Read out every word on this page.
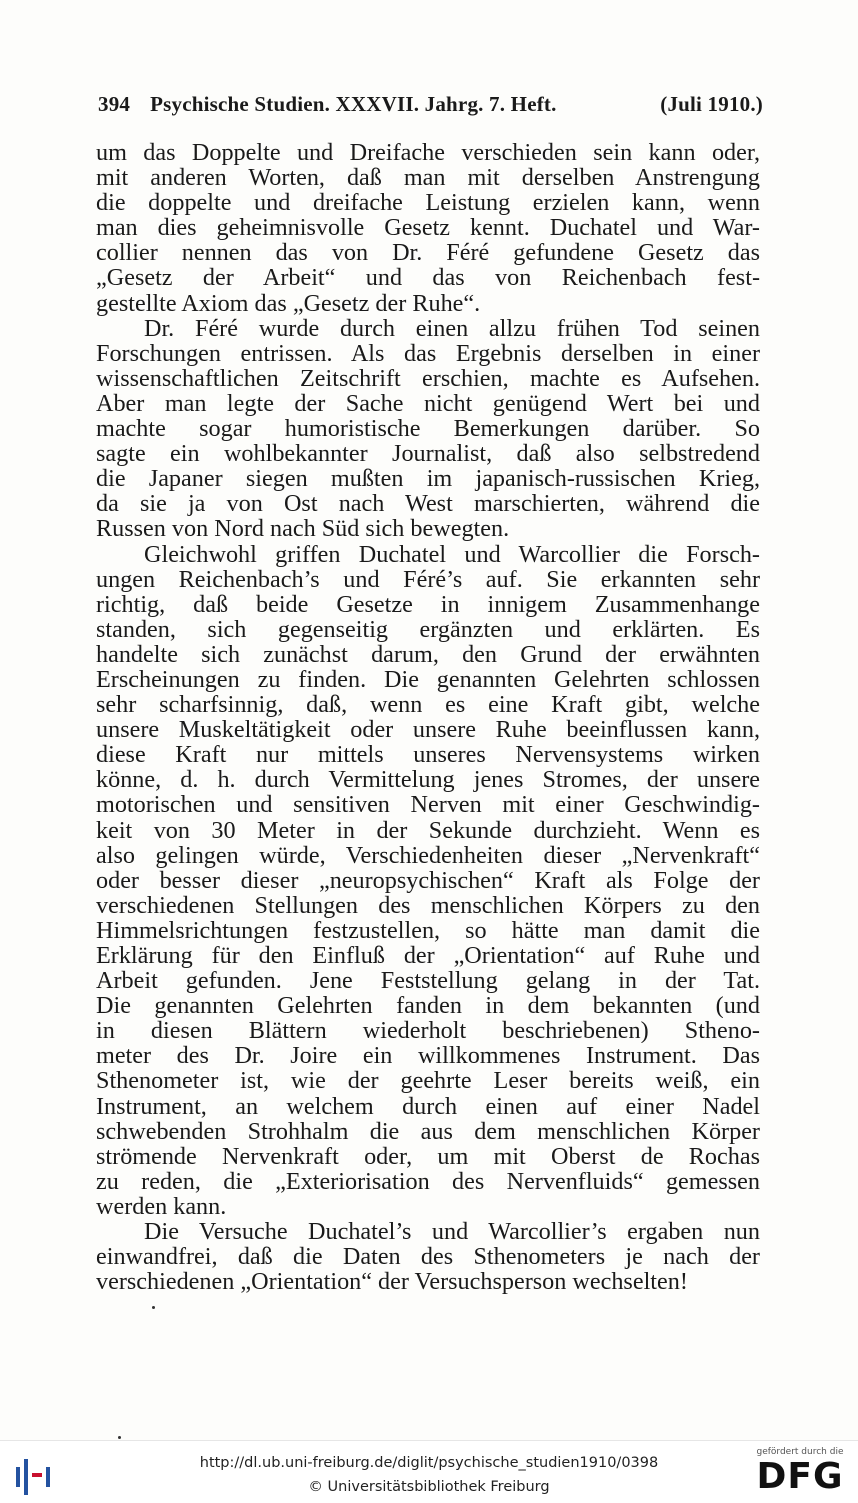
394 Psychische Studien. XXXVII. Jahrg. 7. Heft.	(Juli 1910.)
um das Doppelte und Dreifache verschieden sein kann oder,
mit anderen Worten, daß man mit derselben Anstrengung
die doppelte und dreifache Leistung erzielen kann, wenn
man dies geheimnisvolle Gesetz kennt. Duchatel und War-
collier nennen das von Dr. Féré gefundene Gesetz das
„Gesetz der Arbeit“ und das von Reichenbach fest-
gestellte Axiom das „Gesetz der Ruhe“.
Dr. Féré wurde durch einen allzu frühen Tod seinen
Forschungen entrissen. Als das Ergebnis derselben in einer
wissenschaftlichen Zeitschrift erschien, machte es Aufsehen.
Aber man legte der Sache nicht genügend Wert bei und
machte sogar humoristische Bemerkungen darüber. So
sagte ein wohlbekannter Journalist, daß also selbstredend
die Japaner siegen mußten im japanisch-russischen Krieg,
da sie ja von Ost nach West marschierten, während die
Russen von Nord nach Süd sich bewegten.
Gleichwohl griffen Duchatel und Warcollier die Forsch-
ungen Reichenbach’s und Féré’s auf. Sie erkannten sehr
richtig, daß beide Gesetze in innigem Zusammenhange
standen, sich gegenseitig ergänzten und erklärten. Es
handelte sich zunächst darum, den Grund der erwähnten
Erscheinungen zu finden. Die genannten Gelehrten schlossen
sehr scharfsinnig, daß, wenn es eine Kraft gibt, welche
unsere Muskeltätigkeit oder unsere Ruhe beeinflussen kann,
diese Kraft nur mittels unseres Nervensystems wirken
könne, d. h. durch Vermittelung jenes Stromes, der unsere
motorischen und sensitiven Nerven mit einer Geschwindig-
keit von 30 Meter in der Sekunde durchzieht. Wenn es
also gelingen würde, Verschiedenheiten dieser „Nervenkraft“
oder besser dieser „neuropsychischen“ Kraft als Folge der
verschiedenen Stellungen des menschlichen Körpers zu den
Himmelsrichtungen festzustellen, so hätte man damit die
Erklärung für den Einfluß der „Orientation“ auf Ruhe und
Arbeit gefunden. Jene Feststellung gelang in der Tat.
Die genannten Gelehrten fanden in dem bekannten (und
in diesen Blättern wiederholt beschriebenen) Stheno-
meter des Dr. Joire ein willkommenes Instrument. Das
Sthenometer ist, wie der geehrte Leser bereits weiß, ein
Instrument, an welchem durch einen auf einer Nadel
schwebenden Strohhalm die aus dem menschlichen Körper
strömende Nervenkraft oder, um mit Oberst de Rochas
zu reden, die „Exteriorisation des Nervenfluids“ gemessen
werden kann.
Die Versuche Duchatel’s und Warcollier’s ergaben nun
einwandfrei, daß die Daten des Sthenometers je nach der
verschiedenen „Orientation“ der Versuchsperson wechselten!
http://dl.ub.uni-freiburg.de/diglit/psychische_studien1910/0398
© Universitätsbibliothek Freiburg
gefördert durch die
DFG
